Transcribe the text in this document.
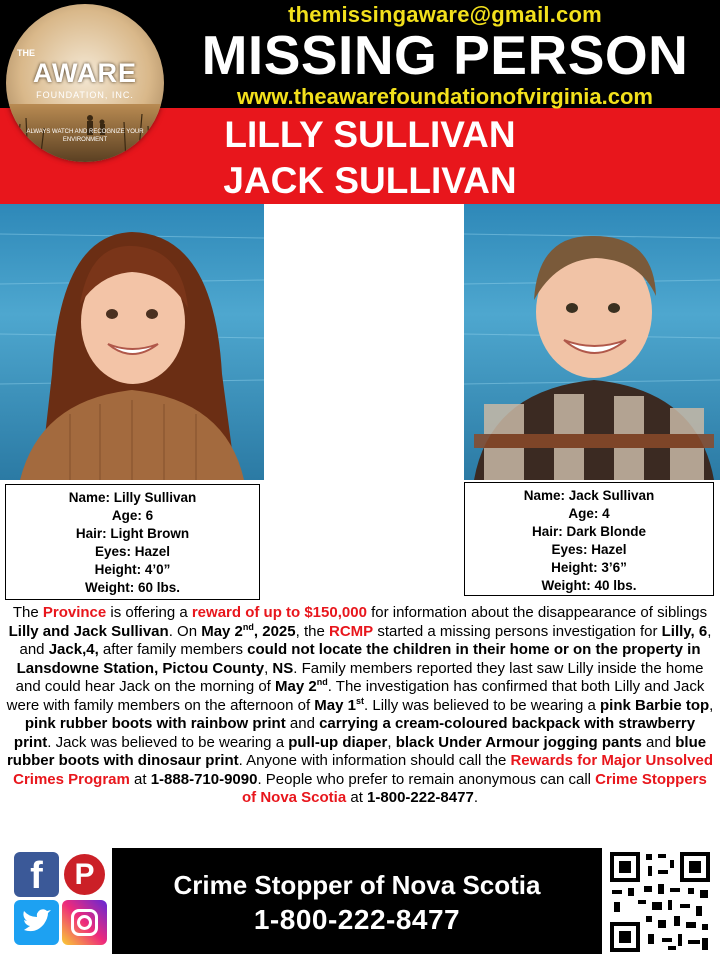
themissingaware@gmail.com
MISSING PERSON
www.theawarefoundationofvirginia.com
LILLY SULLIVAN
JACK SULLIVAN
THE
AWARE
FOUNDATION, INC.
ALWAYS WATCH AND RECOGNIZE YOUR ENVIRONMENT
Name: Lilly Sullivan
Age: 6
Hair: Light Brown
Eyes: Hazel
Height: 4’0”
Weight: 60 lbs.
Name: Jack Sullivan
Age: 4
Hair: Dark Blonde
Eyes: Hazel
Height: 3’6”
Weight: 40 lbs.
The Province is offering a reward of up to $150,000 for information about the disappearance of siblings Lilly and Jack Sullivan. On May 2nd, 2025, the RCMP started a missing persons investigation for Lilly, 6, and Jack,4, after family members could not locate the children in their home or on the property in Lansdowne Station, Pictou County, NS. Family members reported they last saw Lilly inside the home and could hear Jack on the morning of May 2nd. The investigation has confirmed that both Lilly and Jack were with family members on the afternoon of May 1st. Lilly was believed to be wearing a pink Barbie top, pink rubber boots with rainbow print and carrying a cream-coloured backpack with strawberry print. Jack was believed to be wearing a pull-up diaper, black Under Armour jogging pants and blue rubber boots with dinosaur print. Anyone with information should call the Rewards for Major Unsolved Crimes Program at 1-888-710-9090. People who prefer to remain anonymous can call Crime Stoppers of Nova Scotia at 1-800-222-8477.
f	P	Crime Stopper of Nova Scotia
1-800-222-8477
